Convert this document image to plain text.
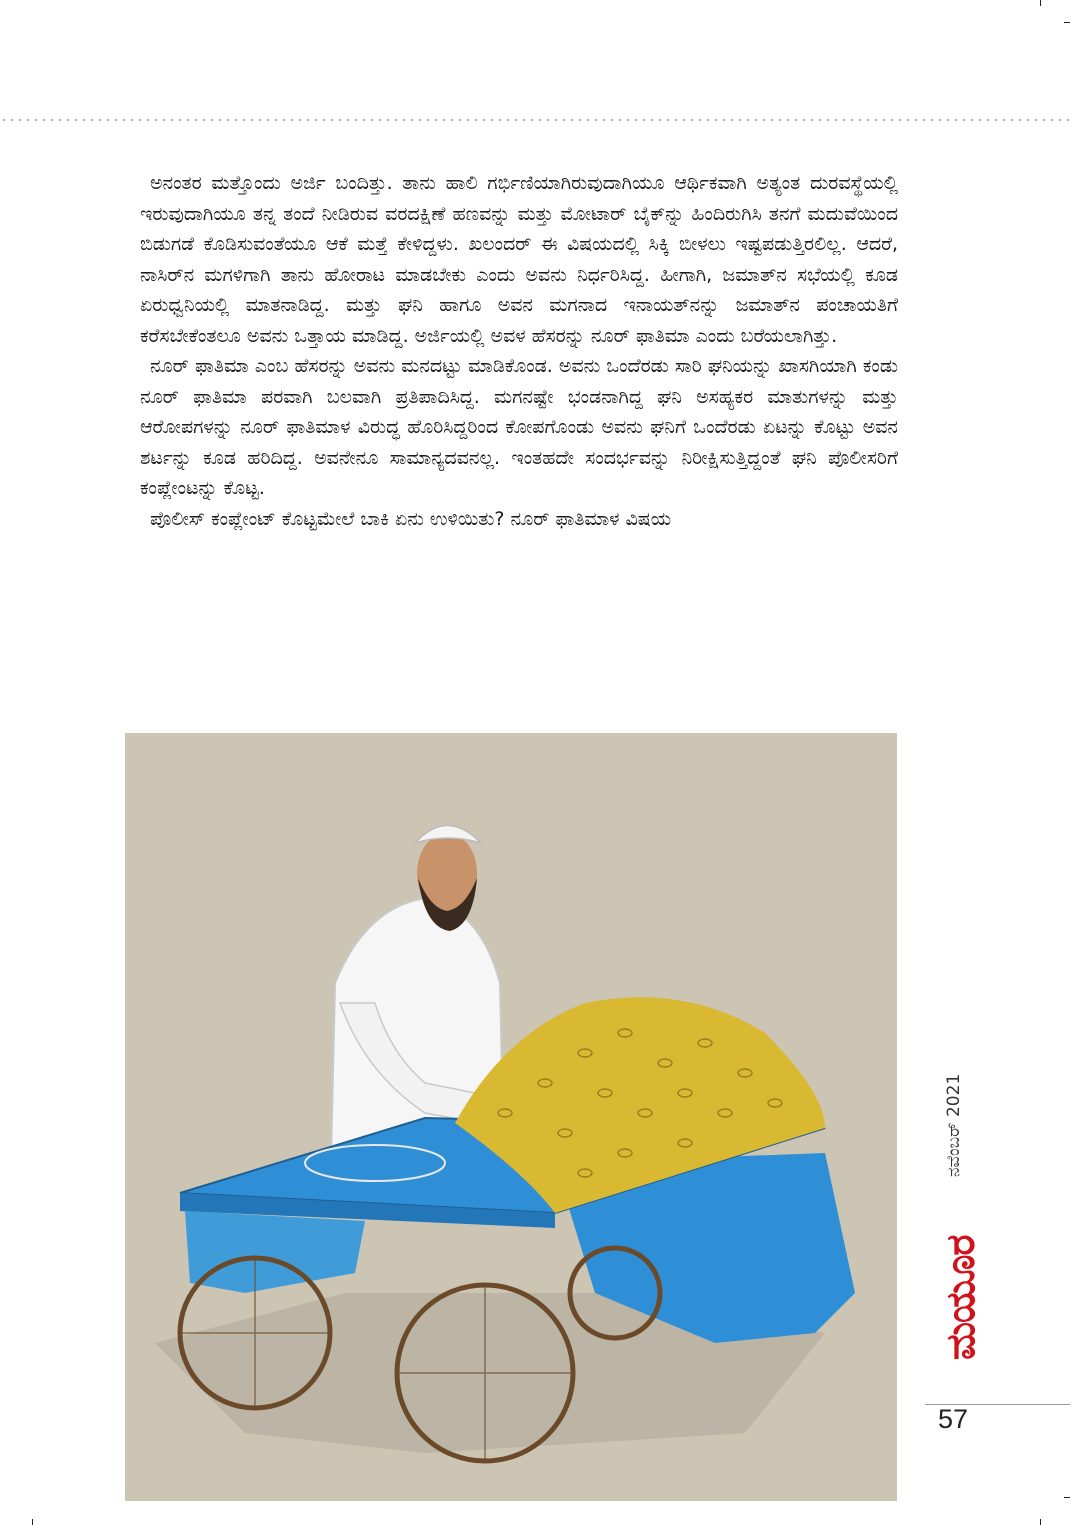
ಅನಂತರ ಮತ್ತೊಂದು ಅರ್ಜಿ ಬಂದಿತ್ತು. ತಾನು ಹಾಲಿ ಗರ್ಭಿಣಿಯಾಗಿರುವುದಾಗಿಯೂ ಆರ್ಥಿಕವಾಗಿ ಅತ್ಯಂತ ದುರವಸ್ಥೆಯಲ್ಲಿ ಇರುವುದಾಗಿಯೂ ತನ್ನ ತಂದೆ ನೀಡಿರುವ ವರದಕ್ಷಿಣೆ ಹಣವನ್ನು ಮತ್ತು ಮೋಟಾರ್ ಬೈಕ್‌ನ್ನು ಹಿಂದಿರುಗಿಸಿ ತನಗೆ ಮದುವೆಯಿಂದ ಬಿಡುಗಡೆ ಕೊಡಿಸುವಂತೆಯೂ ಆಕೆ ಮತ್ತೆ ಕೇಳಿದ್ದಳು. ಖಲಂದರ್ ಈ ವಿಷಯದಲ್ಲಿ ಸಿಕ್ಕಿ ಬೀಳಲು ಇಷ್ಟಪಡುತ್ತಿರಲಿಲ್ಲ. ಆದರೆ, ನಾಸಿರ್‌ನ ಮಗಳಿಗಾಗಿ ತಾನು ಹೋರಾಟ ಮಾಡಬೇಕು ಎಂದು ಅವನು ನಿರ್ಧರಿಸಿದ್ದ. ಹೀಗಾಗಿ, ಜಮಾತ್‌ನ ಸಭೆಯಲ್ಲಿ ಕೂಡ ಏರುಧ್ವನಿಯಲ್ಲಿ ಮಾತನಾಡಿದ್ದ. ಮತ್ತು ಘನಿ ಹಾಗೂ ಅವನ ಮಗನಾದ ಇನಾಯತ್‌ನನ್ನು ಜಮಾತ್‌ನ ಪಂಚಾಯತಿಗೆ ಕರೆಸಬೇಕೆಂತಲೂ ಅವನು ಒತ್ತಾಯ ಮಾಡಿದ್ದ. ಅರ್ಜಿಯಲ್ಲಿ ಅವಳ ಹೆಸರನ್ನು ನೂರ್ ಫಾತಿಮಾ ಎಂದು ಬರೆಯಲಾಗಿತ್ತು.

ನೂರ್ ಫಾತಿಮಾ ಎಂಬ ಹೆಸರನ್ನು ಅವನು ಮನದಟ್ಟು ಮಾಡಿಕೊಂಡ. ಅವನು ಒಂದೆರಡು ಸಾರಿ ಘನಿಯನ್ನು ಖಾಸಗಿಯಾಗಿ ಕಂಡು ನೂರ್ ಫಾತಿಮಾ ಪರವಾಗಿ ಬಲವಾಗಿ ಪ್ರತಿಪಾದಿಸಿದ್ದ. ಮಗನಷ್ಟೇ ಭಂಡನಾಗಿದ್ದ ಘನಿ ಅಸಹ್ಯಕರ ಮಾತುಗಳನ್ನು ಮತ್ತು ಆರೋಪಗಳನ್ನು ನೂರ್ ಫಾತಿಮಾಳ ವಿರುದ್ಧ ಹೊರಿಸಿದ್ದರಿಂದ ಕೋಪಗೊಂಡು ಅವನು ಘನಿಗೆ ಒಂದೆರಡು ಏಟನ್ನು ಕೊಟ್ಟು ಅವನ ಶರ್ಟನ್ನು ಕೂಡ ಹರಿದಿದ್ದ. ಅವನೇನೂ ಸಾಮಾನ್ಯದವನಲ್ಲ. ಇಂತಹದೇ ಸಂದರ್ಭವನ್ನು ನಿರೀಕ್ಷಿಸುತ್ತಿದ್ದಂತೆ ಘನಿ ಪೊಲೀಸರಿಗೆ ಕಂಪ್ಲೇಂಟನ್ನು ಕೊಟ್ಟ.

ಪೊಲೀಸ್ ಕಂಪ್ಲೇಂಟ್ ಕೊಟ್ಟಮೇಲೆ ಬಾಕಿ ಏನು ಉಳಿಯಿತು? ನೂರ್ ಫಾತಿಮಾಳ ವಿಷಯ

ನವೆಂಬರ್ 2021
ಮಯೂರ
57
